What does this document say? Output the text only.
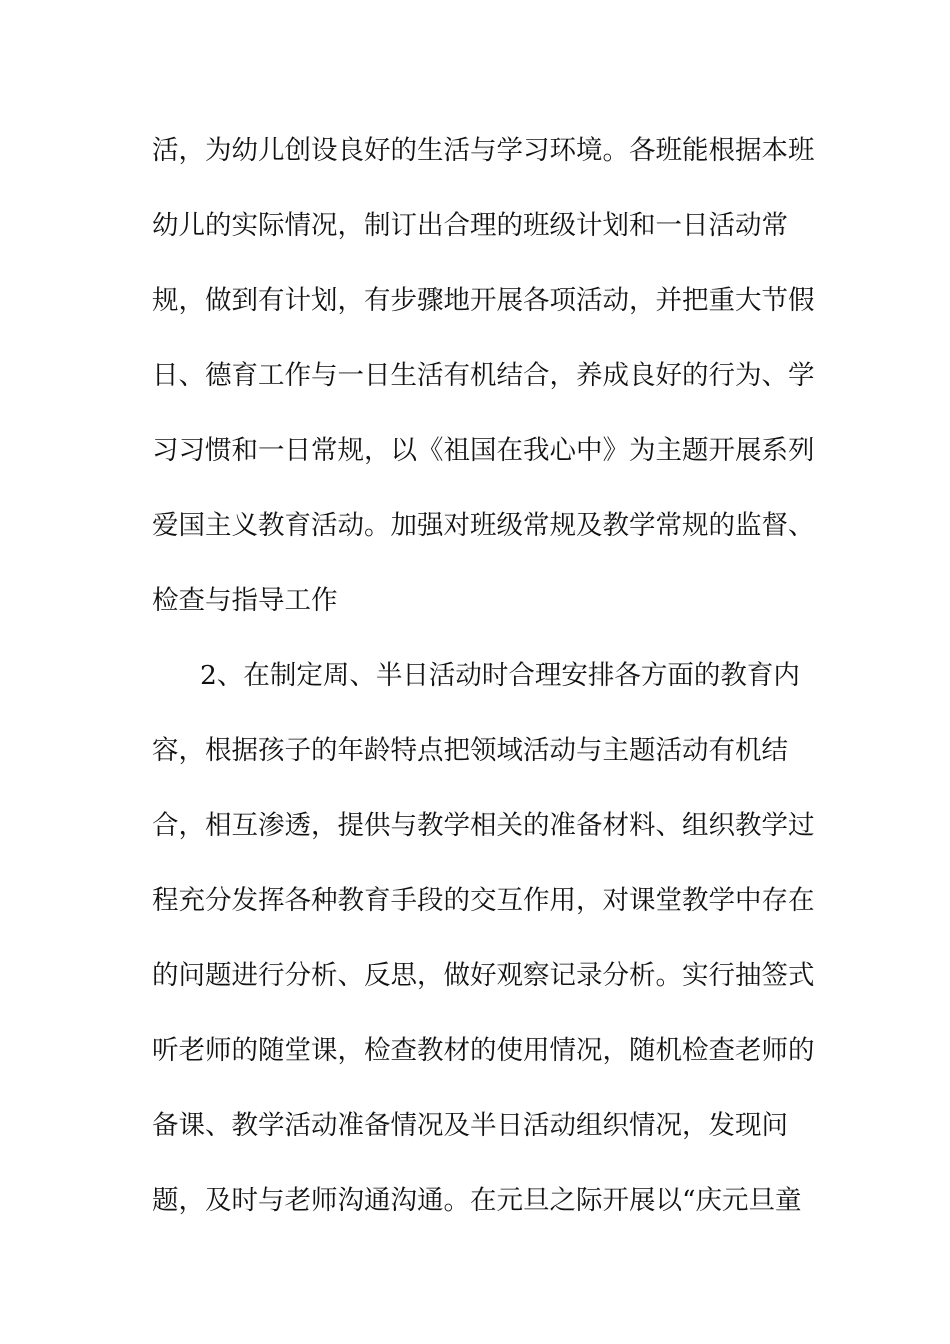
活，为幼儿创设良好的生活与学习环境。各班能根据本班
幼儿的实际情况，制订出合理的班级计划和一日活动常
规，做到有计划，有步骤地开展各项活动，并把重大节假
日、德育工作与一日生活有机结合，养成良好的行为、学
习习惯和一日常规，以《祖国在我心中》为主题开展系列
爱国主义教育活动。加强对班级常规及教学常规的监督、
检查与指导工作
2、在制定周、半日活动时合理安排各方面的教育内
容，根据孩子的年龄特点把领域活动与主题活动有机结
合，相互渗透，提供与教学相关的准备材料、组织教学过
程充分发挥各种教育手段的交互作用，对课堂教学中存在
的问题进行分析、反思，做好观察记录分析。实行抽签式
听老师的随堂课，检查教材的使用情况，随机检查老师的
备课、教学活动准备情况及半日活动组织情况，发现问
题，及时与老师沟通沟通。在元旦之际开展以“庆元旦童
